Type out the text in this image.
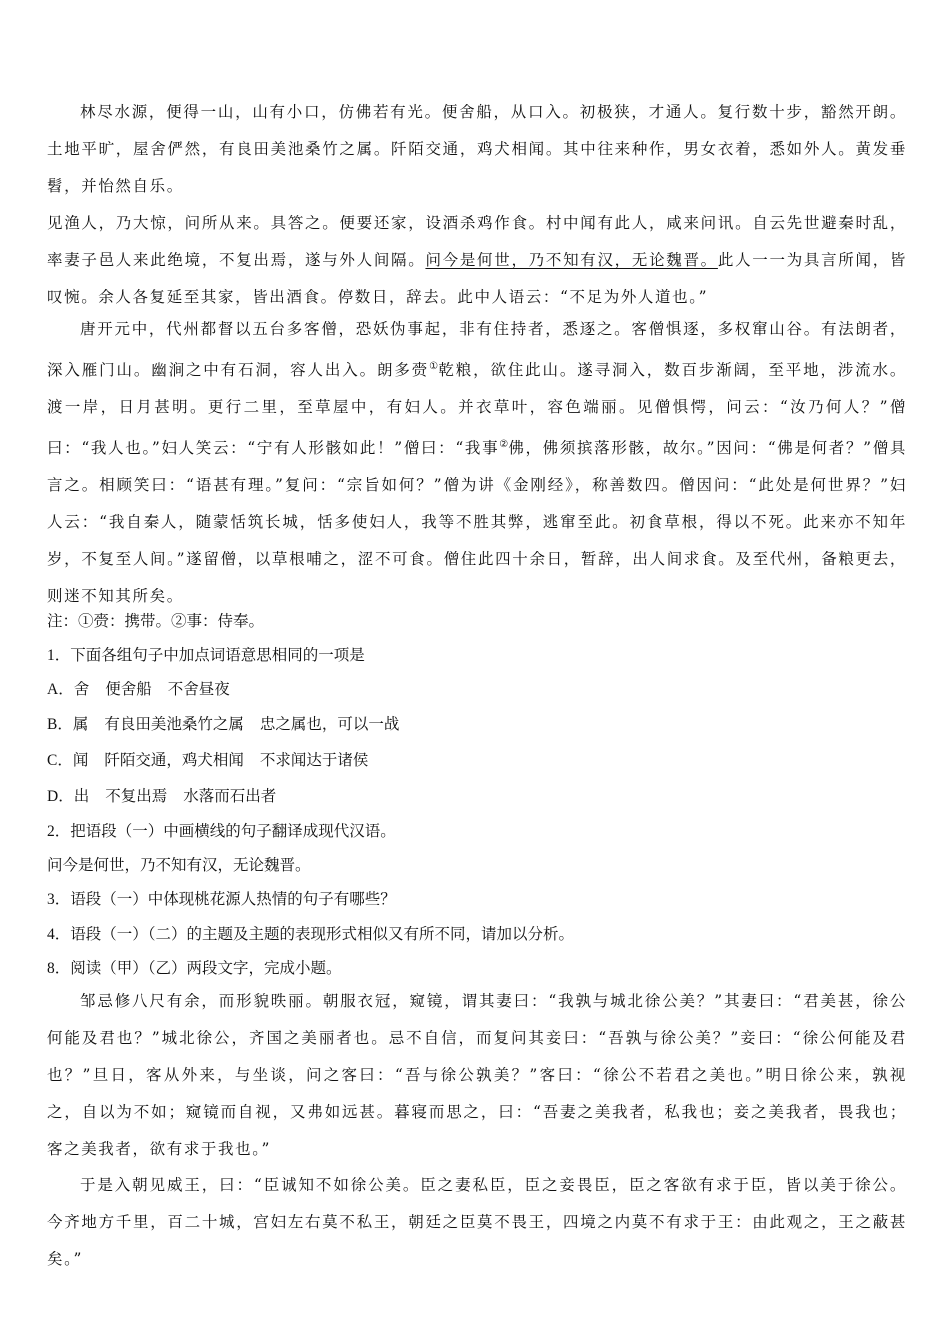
林尽水源，便得一山，山有小口，仿佛若有光。便舍船，从口入。初极狭，才通人。复行数十步，豁然开朗。土地平旷，屋舍俨然，有良田美池桑竹之属。阡陌交通，鸡犬相闻。其中往来种作，男女衣着，悉如外人。黄发垂髫，并怡然自乐。
见渔人，乃大惊，问所从来。具答之。便要还家，设酒杀鸡作食。村中闻有此人，咸来问讯。自云先世避秦时乱，率妻子邑人来此绝境，不复出焉，遂与外人间隔。问今是何世，乃不知有汉，无论魏晋。此人一一为具言所闻，皆叹惋。余人各复延至其家，皆出酒食。停数日，辞去。此中人语云：“不足为外人道也。”
唐开元中，代州都督以五台多客僧，恐妖伪事起，非有住持者，悉逐之。客僧惧逐，多权窜山谷。有法朗者，深入雁门山。幽涧之中有石洞，容人出入。朗多赍①乾粮，欲住此山。遂寻洞入，数百步渐阔，至平地，涉流水。渡一岸，日月甚明。更行二里，至草屋中，有妇人。并衣草叶，容色端丽。见僧惧愕，问云：“汝乃何人？”僧曰：“我人也。”妇人笑云：“宁有人形骸如此！”僧曰：“我事②佛，佛须摈落形骸，故尔。”因问：“佛是何者？”僧具言之。相顾笑曰：“语甚有理。”复问：“宗旨如何？”僧为讲《金刚经》，称善数四。僧因问：“此处是何世界？”妇人云：“我自秦人，随蒙恬筑长城，恬多使妇人，我等不胜其弊，逃窜至此。初食草根，得以不死。此来亦不知年岁，不复至人间。”遂留僧，以草根哺之，涩不可食。僧住此四十余日，暂辞，出人间求食。及至代州，备粮更去，则迷不知其所矣。
注：①赍：携带。②事：侍奉。
1．下面各组句子中加点词语意思相同的一项是
A．舍 便舍船 不舍昼夜
B．属 有良田美池桑竹之属 忠之属也，可以一战
C．闻 阡陌交通，鸡犬相闻 不求闻达于诸侯
D．出 不复出焉 水落而石出者
2．把语段（一）中画横线的句子翻译成现代汉语。
问今是何世，乃不知有汉，无论魏晋。
3．语段（一）中体现桃花源人热情的句子有哪些？
4．语段（一）（二）的主题及主题的表现形式相似又有所不同，请加以分析。
8．阅读（甲）（乙）两段文字，完成小题。
邹忌修八尺有余，而形貌昳丽。朝服衣冠，窥镜，谓其妻曰：“我孰与城北徐公美？”其妻曰：“君美甚，徐公何能及君也？”城北徐公，齐国之美丽者也。忌不自信，而复问其妾曰：“吾孰与徐公美？”妾曰：“徐公何能及君也？”旦日，客从外来，与坐谈，问之客曰：“吾与徐公孰美？”客曰：“徐公不若君之美也。”明日徐公来，孰视之，自以为不如；窥镜而自视，又弗如远甚。暮寝而思之，曰：“吾妻之美我者，私我也；妾之美我者，畏我也；客之美我者，欲有求于我也。”
于是入朝见威王，曰：“臣诚知不如徐公美。臣之妻私臣，臣之妾畏臣，臣之客欲有求于臣，皆以美于徐公。今齐地方千里，百二十城，宫妇左右莫不私王，朝廷之臣莫不畏王，四境之内莫不有求于王：由此观之，王之蔽甚矣。”
